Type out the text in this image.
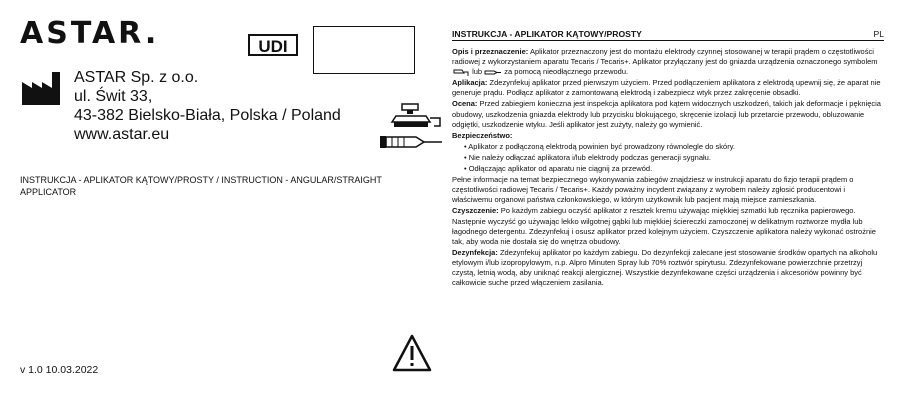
ASTAR.	UDI
ASTAR Sp. z o.o.
ul. Świt 33,
43-382 Bielsko-Biała, Polska / Poland
www.astar.eu
INSTRUKCJA - APLIKATOR KĄTOWY/PROSTY / INSTRUCTION - ANGULAR/STRAIGHT APPLICATOR
v 1.0 10.03.2022
INSTRUKCJA - APLIKATOR KĄTOWY/PROSTY	PL

Opis i przeznaczenie: Aplikator przeznaczony jest do montażu elektrody czynnej stosowanej w terapii prądem o częstotliwości radiowej z wykorzystaniem aparatu Tecaris / Tecaris+. Aplikator przyłączany jest do gniazda urządzenia oznaczonego symbolem  lub  za pomocą nieodłącznego przewodu.

Aplikacja: Zdezynfekuj aplikator przed pierwszym użyciem. Przed podłączeniem aplikatora z elektrodą upewnij się, że aparat nie generuje prądu. Podłącz aplikator z zamontowaną elektrodą i zabezpiecz wtyk przez zakręcenie obsadki.

Ocena: Przed zabiegiem konieczna jest inspekcja aplikatora pod kątem widocznych uszkodzeń, takich jak deformacje i pęknięcia obudowy, uszkodzenia gniazda elektrody lub przycisku blokującego, skręcenie izolacji lub przetarcie przewodu, obluzowanie odgiętki, uszkodzenie wtyku. Jeśli aplikator jest zużyty, należy go wymienić.

Bezpieczeństwo:

• Aplikator z podłączoną elektrodą powinien być prowadzony równolegle do skóry.

• Nie należy odłączać aplikatora i/lub elektrody podczas generacji sygnału.

• Odłączając aplikator od aparatu nie ciągnij za przewód.

Pełne informacje na temat bezpiecznego wykonywania zabiegów znajdziesz w instrukcji aparatu do fizjo terapii prądem o częstotliwości radiowej Tecaris / Tecaris+. Każdy poważny incydent związany z wyrobem należy zgłosić producentowi i właściwemu organowi państwa członkowskiego, w którym użytkownik lub pacjent mają miejsce zamieszkania.

Czyszczenie: Po każdym zabiegu oczyść aplikator z resztek kremu używając miękkiej szmatki lub ręcznika papierowego. Następnie wyczyść go używając lekko wilgotnej gąbki lub miękkiej ściereczki zamoczonej w delikatnym roztworze mydła lub łagodnego detergentu. Zdezynfekuj i osusz aplikator przed kolejnym użyciem. Czyszczenie aplikatora należy wykonać ostrożnie tak, aby woda nie dostała się do wnętrza obudowy.

Dezynfekcja: Zdezynfekuj aplikator po każdym zabiegu. Do dezynfekcji zalecane jest stosowanie środków opartych na alkoholu etylowym i/lub izopropylowym, n.p. Alpro Minuten Spray lub 70% roztwór spirytusu. Zdezynfekowane powierzchnie przetrzyj czystą, letnią wodą, aby uniknąć reakcji alergicznej. Wszystkie dezynfekowane części urządzenia i akcesoriów powinny być całkowicie suche przed włączeniem zasilania.
